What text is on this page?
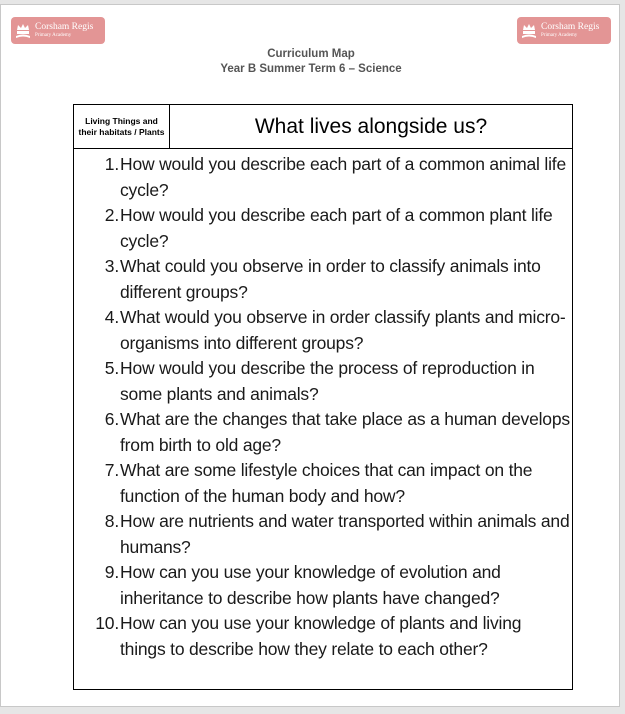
Corsham Regis
Primary Academy
Corsham Regis
Primary Academy
Curriculum Map
Year B Summer Term 6 – Science
Living Things and their habitats / Plants	What lives alongside us?
1. How would you describe each part of a common animal life cycle?
2. How would you describe each part of a common plant life cycle?
3. What could you observe in order to classify animals into different groups?
4. What would you observe in order classify plants and micro-organisms into different groups?
5. How would you describe the process of reproduction in some plants and animals?
6. What are the changes that take place as a human develops from birth to old age?
7. What are some lifestyle choices that can impact on the function of the human body and how?
8. How are nutrients and water transported within animals and humans?
9. How can you use your knowledge of evolution and inheritance to describe how plants have changed?
10. How can you use your knowledge of plants and living things to describe how they relate to each other?
